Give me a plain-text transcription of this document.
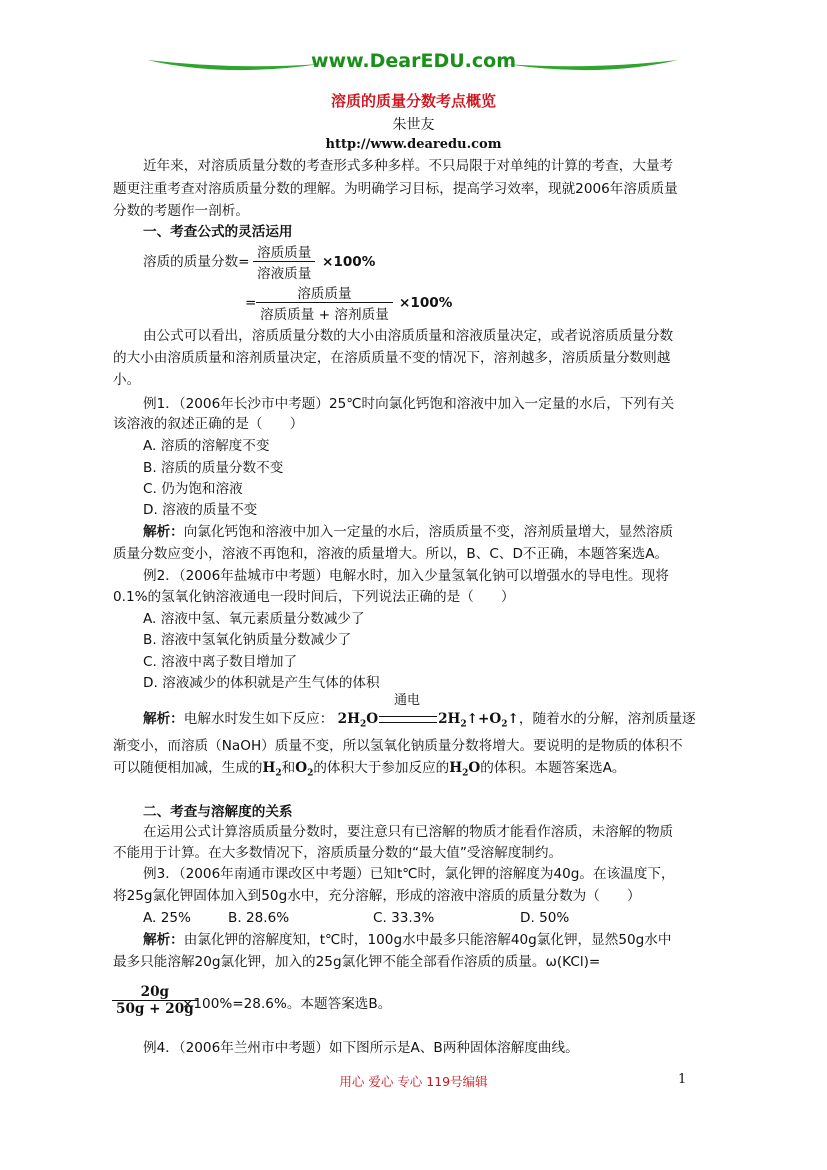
www.DearEDU.com
溶质的质量分数考点概览
朱世友
http://www.dearedu.com
近年来，对溶质质量分数的考查形式多种多样。不只局限于对单纯的计算的考查，大量考
题更注重考查对溶质质量分数的理解。为明确学习目标，提高学习效率，现就2006年溶质质量
分数的考题作一剖析。
一、考查公式的灵活运用
溶质的质量分数=
溶质质量
溶液质量
×100%
=
溶质质量
溶质质量 + 溶剂质量
×100%
由公式可以看出，溶质质量分数的大小由溶质质量和溶液质量决定，或者说溶质质量分数
的大小由溶质质量和溶剂质量决定，在溶质质量不变的情况下，溶剂越多，溶质质量分数则越
小。
例1．（2006年长沙市中考题）25℃时向氯化钙饱和溶液中加入一定量的水后，下列有关
该溶液的叙述正确的是（　　）
A. 溶质的溶解度不变
B. 溶质的质量分数不变
C. 仍为饱和溶液
D. 溶液的质量不变
解析：向氯化钙饱和溶液中加入一定量的水后，溶质质量不变，溶剂质量增大，显然溶质
质量分数应变小，溶液不再饱和，溶液的质量增大。所以，B、C、D不正确，本题答案选A。
例2．（2006年盐城市中考题）电解水时，加入少量氢氧化钠可以增强水的导电性。现将
0.1%的氢氧化钠溶液通电一段时间后，下列说法正确的是（　　）
A. 溶液中氢、氧元素质量分数减少了
B. 溶液中氢氧化钠质量分数减少了
C. 溶液中离子数目增加了
D. 溶液减少的体积就是产生气体的体积
通电
解析：电解水时发生如下反应： $2H_2O$	$2H_2↑+O_2↑$，随着水的分解，溶剂质量逐
渐变小，而溶质（NaOH）质量不变，所以氢氧化钠质量分数将增大。要说明的是物质的体积不
可以随便相加减，生成的$H_2$和$O_2$的体积大于参加反应的$H_2O$的体积。本题答案选A。
二、考查与溶解度的关系
在运用公式计算溶质质量分数时，要注意只有已溶解的物质才能看作溶质，未溶解的物质
不能用于计算。在大多数情况下，溶质质量分数的“最大值”受溶解度制约。
例3．（2006年南通市课改区中考题）已知t℃时，氯化钾的溶解度为40g。在该温度下，
将25g氯化钾固体加入到50g水中，充分溶解，形成的溶液中溶质的质量分数为（　　）
A. 25%	B. 28.6%	C. 33.3%	D. 50%
解析：由氯化钾的溶解度知，t℃时，100g水中最多只能溶解40g氯化钾，显然50g水中
最多只能溶解20g氯化钾，加入的25g氯化钾不能全部看作溶质的质量。ω(KCl)=
$\frac{20g}{50g + 20g}$
×100%=28.6%。本题答案选B。
例4．（2006年兰州市中考题）如下图所示是A、B两种固体溶解度曲线。
用心 爱心 专心 119号编辑	1
